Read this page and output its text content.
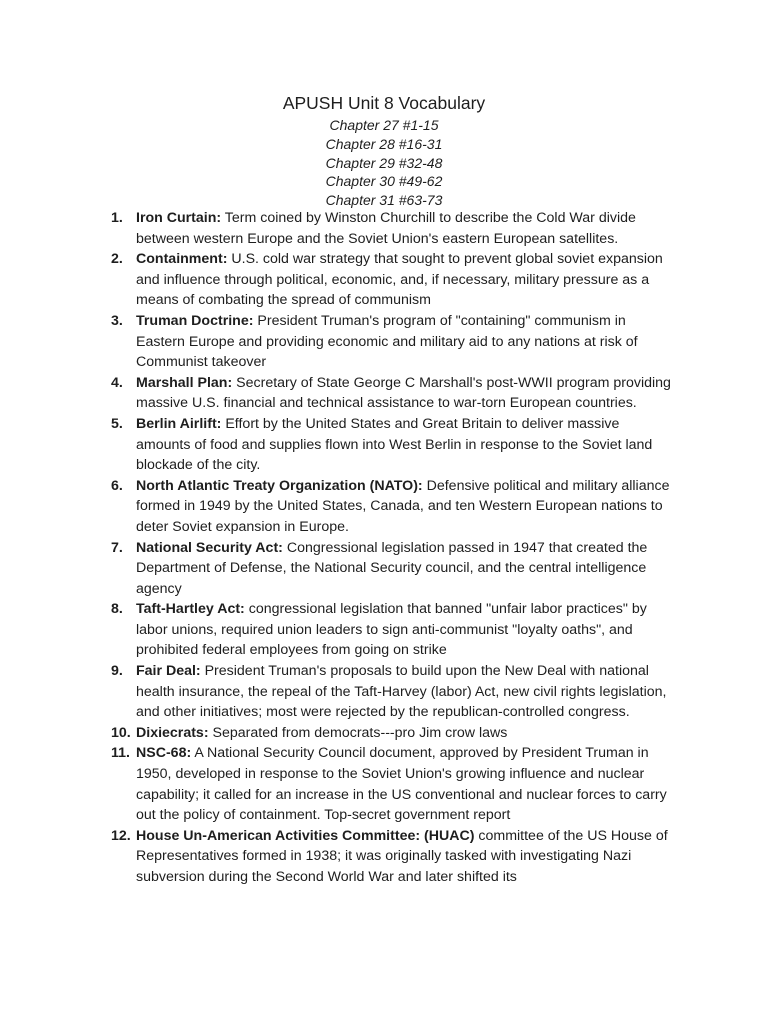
APUSH Unit 8 Vocabulary
Chapter 27 #1-15
Chapter 28 #16-31
Chapter 29 #32-48
Chapter 30 #49-62
Chapter 31 #63-73
1. Iron Curtain: Term coined by Winston Churchill to describe the Cold War divide between western Europe and the Soviet Union's eastern European satellites.
2. Containment: U.S. cold war strategy that sought to prevent global soviet expansion and influence through political, economic, and, if necessary, military pressure as a means of combating the spread of communism
3. Truman Doctrine: President Truman's program of "containing" communism in Eastern Europe and providing economic and military aid to any nations at risk of Communist takeover
4. Marshall Plan: Secretary of State George C Marshall's post-WWII program providing massive U.S. financial and technical assistance to war-torn European countries.
5. Berlin Airlift: Effort by the United States and Great Britain to deliver massive amounts of food and supplies flown into West Berlin in response to the Soviet land blockade of the city.
6. North Atlantic Treaty Organization (NATO): Defensive political and military alliance formed in 1949 by the United States, Canada, and ten Western European nations to deter Soviet expansion in Europe.
7. National Security Act: Congressional legislation passed in 1947 that created the Department of Defense, the National Security council, and the central intelligence agency
8. Taft-Hartley Act: congressional legislation that banned "unfair labor practices" by labor unions, required union leaders to sign anti-communist "loyalty oaths", and prohibited federal employees from going on strike
9. Fair Deal: President Truman's proposals to build upon the New Deal with national health insurance, the repeal of the Taft-Harvey (labor) Act, new civil rights legislation, and other initiatives; most were rejected by the republican-controlled congress.
10. Dixiecrats: Separated from democrats---pro Jim crow laws
11. NSC-68: A National Security Council document, approved by President Truman in 1950, developed in response to the Soviet Union's growing influence and nuclear capability; it called for an increase in the US conventional and nuclear forces to carry out the policy of containment. Top-secret government report
12. House Un-American Activities Committee: (HUAC) committee of the US House of Representatives formed in 1938; it was originally tasked with investigating Nazi subversion during the Second World War and later shifted its
